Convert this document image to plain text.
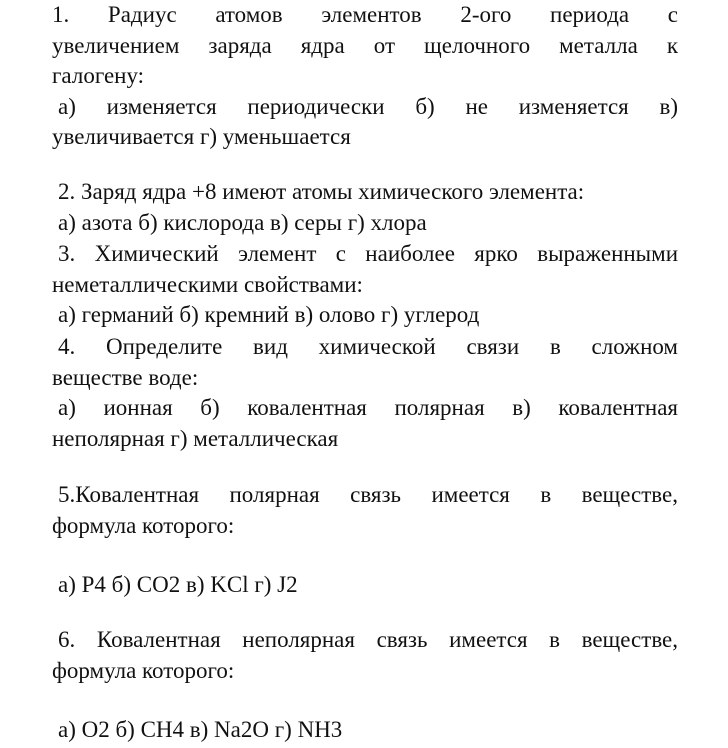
1. Радиус атомов элементов 2-ого периода с
увеличением заряда ядра от щелочного металла к
галогену:
а) изменяется периодически б) не изменяется в)
увеличивается г) уменьшается
2. Заряд ядра +8 имеют атомы химического элемента:
а) азота б) кислорода в) серы г) хлора
3. Химический элемент с наиболее ярко выраженными
неметаллическими свойствами:
а) германий б) кремний в) олово г) углерод
4. Определите вид химической связи в сложном
веществе воде:
а) ионная б) ковалентная полярная в) ковалентная
неполярная г) металлическая
5.Ковалентная полярная связь имеется в веществе,
формула которого:
а) P4 б) CO2 в) KCl г) J2
6. Ковалентная неполярная связь имеется в веществе,
формула которого:
а) O2 б) CH4 в) Na2O г) NH3
